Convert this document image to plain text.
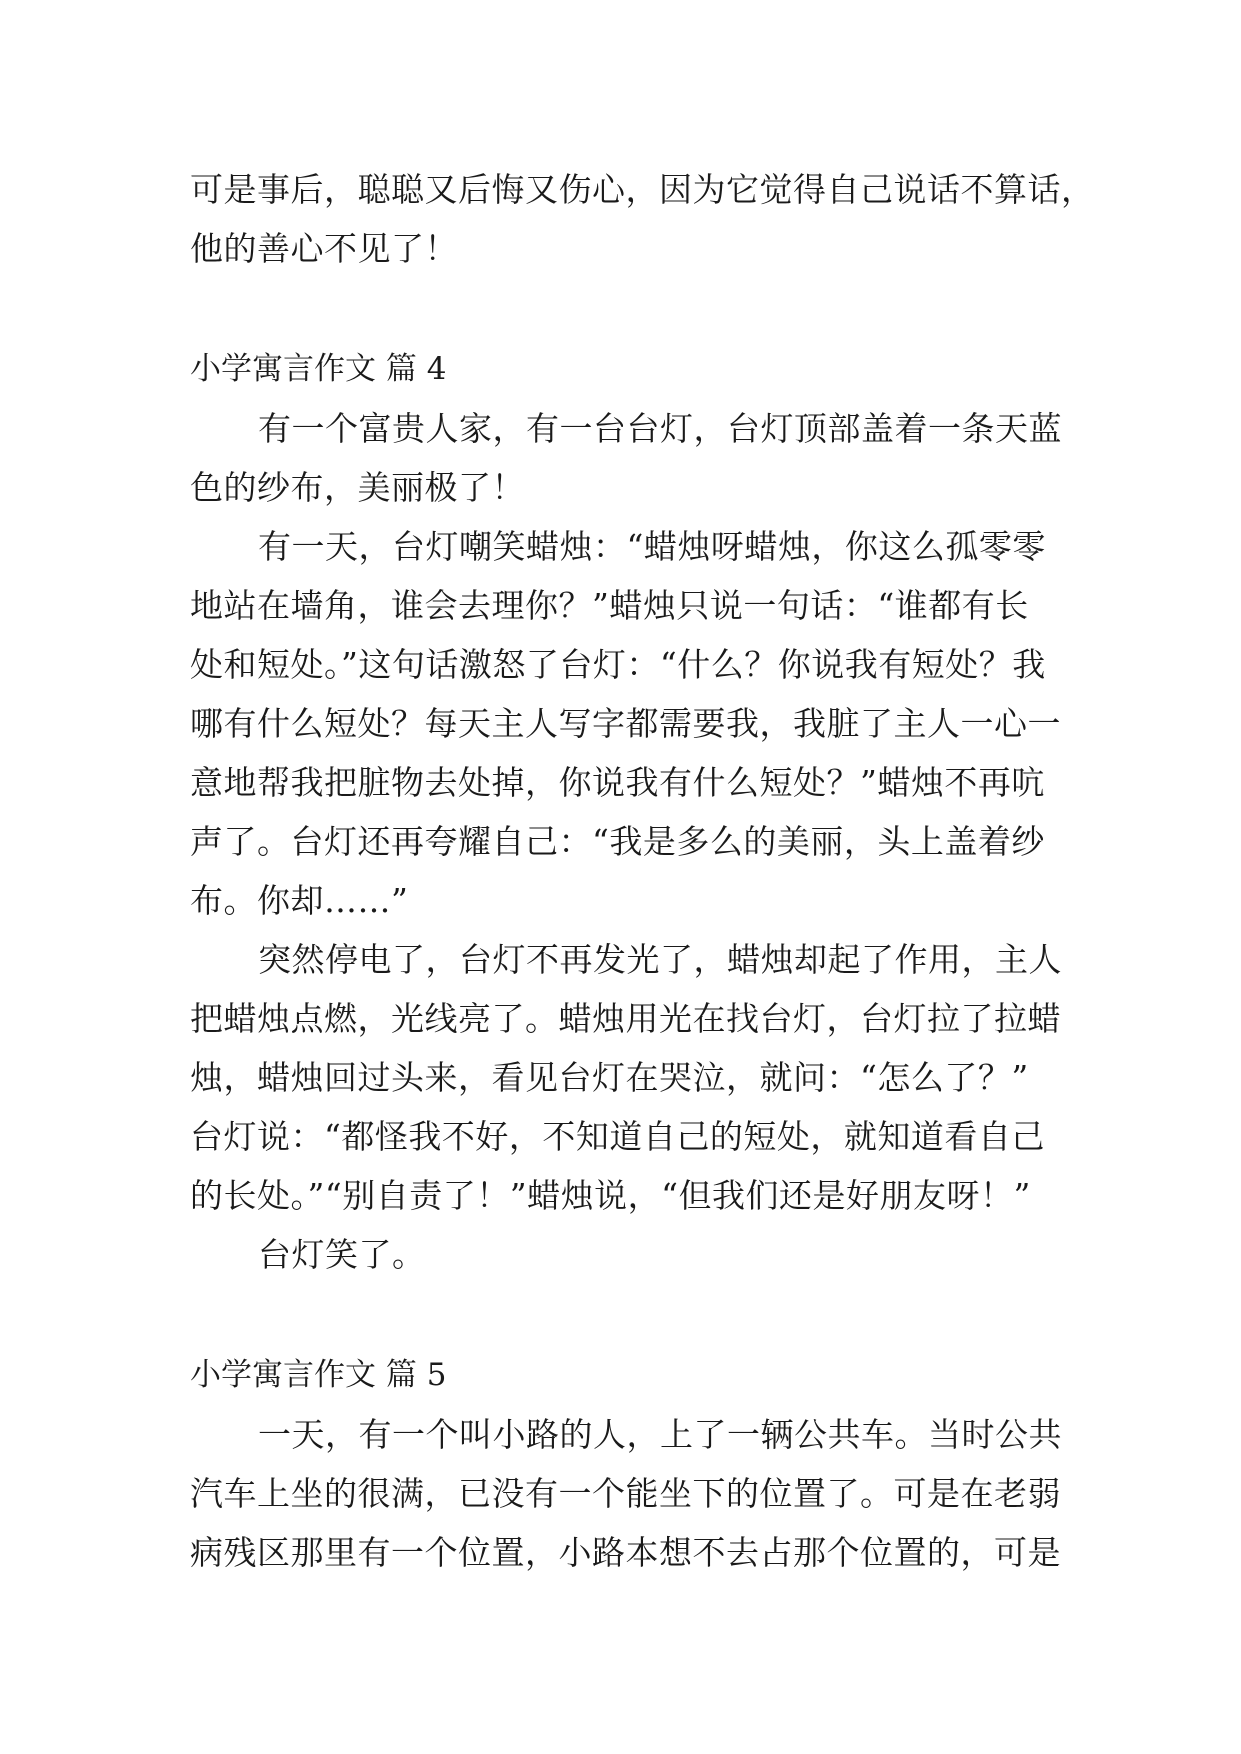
可是事后，聪聪又后悔又伤心，因为它觉得自己说话不算话，
他的善心不见了！
小学寓言作文 篇 4
有一个富贵人家，有一台台灯，台灯顶部盖着一条天蓝
色的纱布，美丽极了！
有一天，台灯嘲笑蜡烛：“蜡烛呀蜡烛，你这么孤零零
地站在墙角，谁会去理你？”蜡烛只说一句话：“谁都有长
处和短处。”这句话激怒了台灯：“什么？你说我有短处？我
哪有什么短处？每天主人写字都需要我，我脏了主人一心一
意地帮我把脏物去处掉，你说我有什么短处？”蜡烛不再吭
声了。台灯还再夸耀自己：“我是多么的美丽，头上盖着纱
布。你却……”
突然停电了，台灯不再发光了，蜡烛却起了作用，主人
把蜡烛点燃，光线亮了。蜡烛用光在找台灯，台灯拉了拉蜡
烛，蜡烛回过头来，看见台灯在哭泣，就问：“怎么了？”
台灯说：“都怪我不好，不知道自己的短处，就知道看自己
的长处。”“别自责了！”蜡烛说，“但我们还是好朋友呀！”
台灯笑了。
小学寓言作文 篇 5
一天，有一个叫小路的人，上了一辆公共车。当时公共
汽车上坐的很满，已没有一个能坐下的位置了。可是在老弱
病残区那里有一个位置，小路本想不去占那个位置的，可是
